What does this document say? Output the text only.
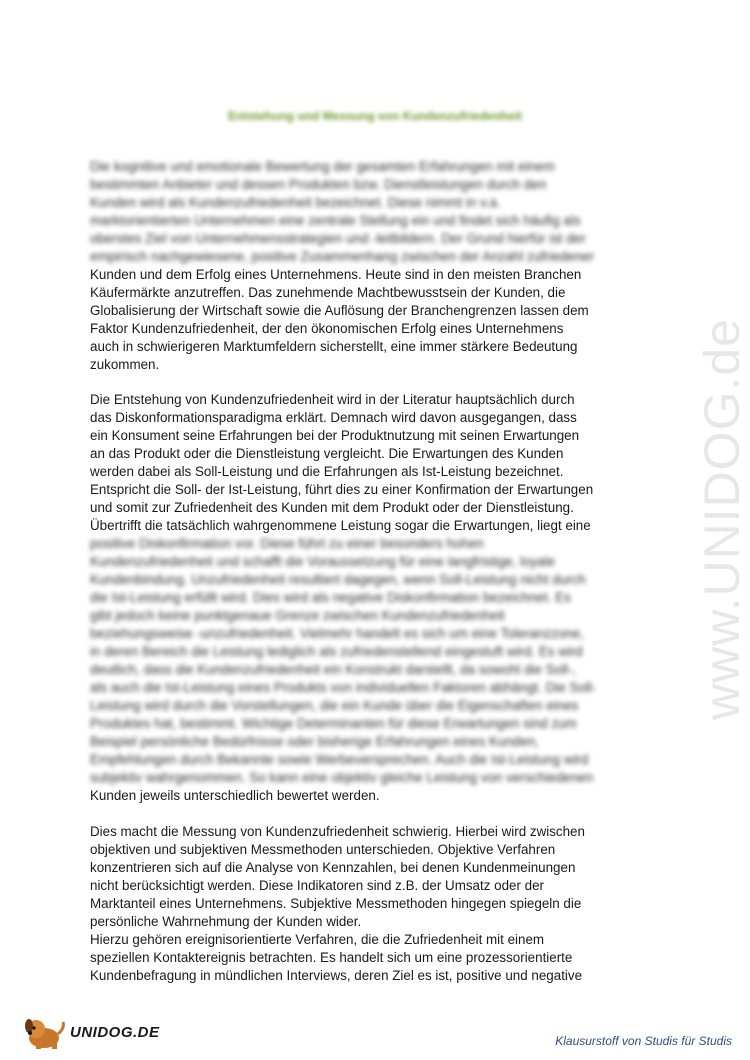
www.UNIDOG.de
Entstehung und Messung von Kundenzufriedenheit
Die kognitive und emotionale Bewertung der gesamten Erfahrungen mit einem
bestimmten Anbieter und dessen Produkten bzw. Dienstleistungen durch den
Kunden wird als Kundenzufriedenheit bezeichnet. Diese nimmt in v.a.
marktorientierten Unternehmen eine zentrale Stellung ein und findet sich häufig als
oberstes Ziel von Unternehmensstrategien und -leitbildern. Der Grund hierfür ist der
empirisch nachgewiesene, positive Zusammenhang zwischen der Anzahl zufriedener
Kunden und dem Erfolg eines Unternehmens. Heute sind in den meisten Branchen
Käufermärkte anzutreffen. Das zunehmende Machtbewusstsein der Kunden, die
Globalisierung der Wirtschaft sowie die Auflösung der Branchengrenzen lassen dem
Faktor Kundenzufriedenheit, der den ökonomischen Erfolg eines Unternehmens
auch in schwierigeren Marktumfeldern sicherstellt, eine immer stärkere Bedeutung
zukommen.
Die Entstehung von Kundenzufriedenheit wird in der Literatur hauptsächlich durch
das Diskonformationsparadigma erklärt. Demnach wird davon ausgegangen, dass
ein Konsument seine Erfahrungen bei der Produktnutzung mit seinen Erwartungen
an das Produkt oder die Dienstleistung vergleicht. Die Erwartungen des Kunden
werden dabei als Soll-Leistung und die Erfahrungen als Ist-Leistung bezeichnet.
Entspricht die Soll- der Ist-Leistung, führt dies zu einer Konfirmation der Erwartungen
und somit zur Zufriedenheit des Kunden mit dem Produkt oder der Dienstleistung.
Übertrifft die tatsächlich wahrgenommene Leistung sogar die Erwartungen, liegt eine
positive Diskonfirmation vor. Diese führt zu einer besonders hohen
Kundenzufriedenheit und schafft die Voraussetzung für eine langfristige, loyale
Kundenbindung. Unzufriedenheit resultiert dagegen, wenn Soll-Leistung nicht durch
die Ist-Leistung erfüllt wird. Dies wird als negative Diskonfirmation bezeichnet. Es
gibt jedoch keine punktgenaue Grenze zwischen Kundenzufriedenheit
beziehungsweise -unzufriedenheit. Vielmehr handelt es sich um eine Toleranzzone,
in deren Bereich die Leistung lediglich als zufriedenstellend eingestuft wird. Es wird
deutlich, dass die Kundenzufriedenheit ein Konstrukt darstellt, da sowohl die Soll-,
als auch die Ist-Leistung eines Produkts von individuellen Faktoren abhängt. Die Soll-
Leistung wird durch die Vorstellungen, die ein Kunde über die Eigenschaften eines
Produktes hat, bestimmt. Wichtige Determinanten für diese Erwartungen sind zum
Beispiel persönliche Bedürfnisse oder bisherige Erfahrungen eines Kunden,
Empfehlungen durch Bekannte sowie Werbeversprechen. Auch die Ist-Leistung wird
subjektiv wahrgenommen. So kann eine objektiv gleiche Leistung von verschiedenen
Kunden jeweils unterschiedlich bewertet werden.
Dies macht die Messung von Kundenzufriedenheit schwierig. Hierbei wird zwischen
objektiven und subjektiven Messmethoden unterschieden. Objektive Verfahren
konzentrieren sich auf die Analyse von Kennzahlen, bei denen Kundenmeinungen
nicht berücksichtigt werden. Diese Indikatoren sind z.B. der Umsatz oder der
Marktanteil eines Unternehmens. Subjektive Messmethoden hingegen spiegeln die
persönliche Wahrnehmung der Kunden wider.
Hierzu gehören ereignisorientierte Verfahren, die die Zufriedenheit mit einem
speziellen Kontaktereignis betrachten. Es handelt sich um eine prozessorientierte
Kundenbefragung in mündlichen Interviews, deren Ziel es ist, positive und negative
UNIDOG.DE	Klausurstoff von Studis für Studis
